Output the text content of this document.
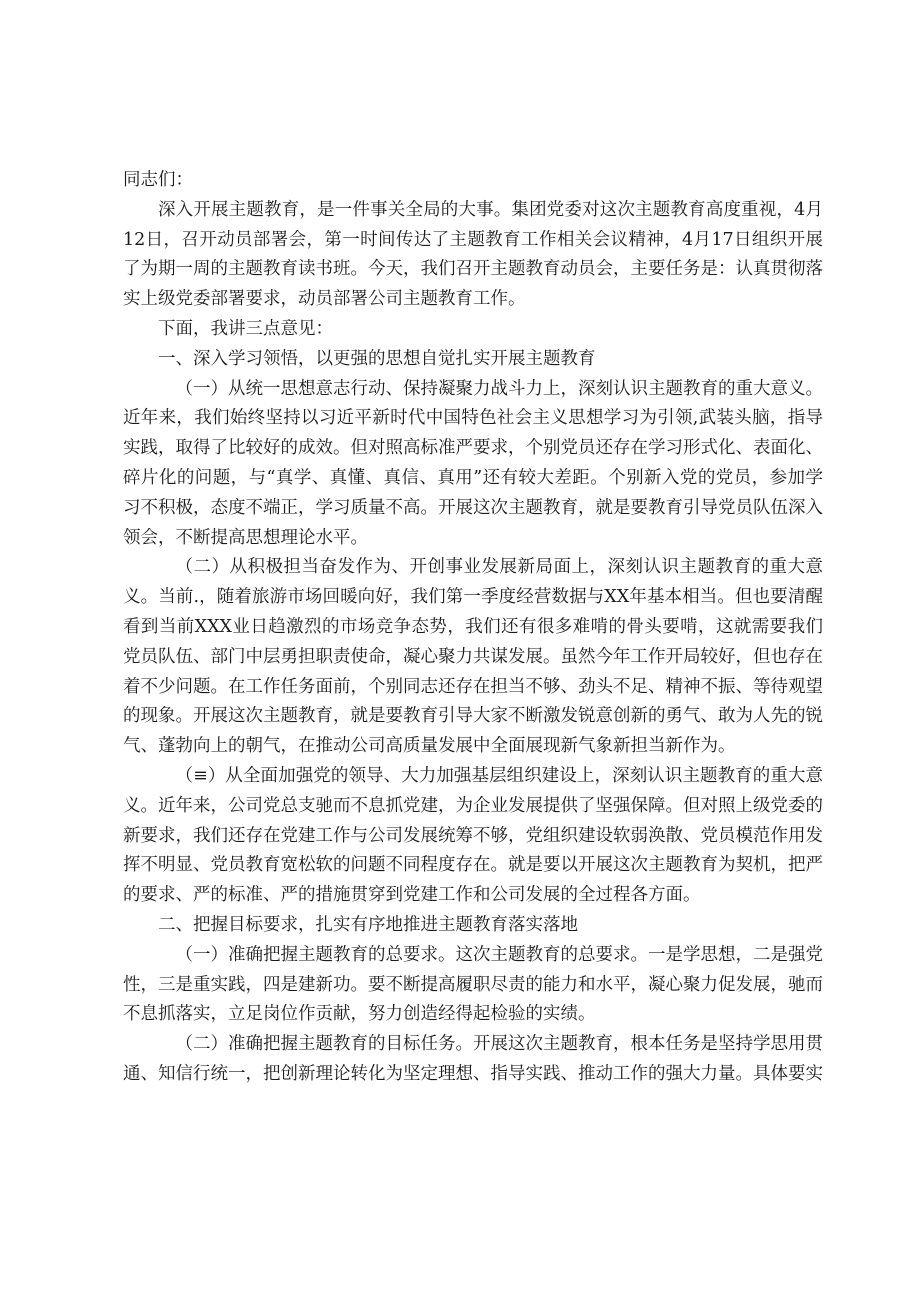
同志们：

深入开展主题教育，是一件事关全局的大事。集团党委对这次主题教育高度重视，4月12日，召开动员部署会，第一时间传达了主题教育工作相关会议精神，4月17日组织开展了为期一周的主题教育读书班。今天，我们召开主题教育动员会，主要任务是：认真贯彻落实上级党委部署要求，动员部署公司主题教育工作。

下面，我讲三点意见：

一、深入学习领悟，以更强的思想自觉扎实开展主题教育

（一）从统一思想意志行动、保持凝聚力战斗力上，深刻认识主题教育的重大意义。近年来，我们始终坚持以习近平新时代中国特色社会主义思想学习为引领,武装头脑，指导实践，取得了比较好的成效。但对照高标准严要求，个别党员还存在学习形式化、表面化、碎片化的问题，与“真学、真懂、真信、真用”还有较大差距。个别新入党的党员，参加学习不积极，态度不端正，学习质量不高。开展这次主题教育，就是要教育引导党员队伍深入领会，不断提高思想理论水平。

（二）从积极担当奋发作为、开创事业发展新局面上，深刻认识主题教育的重大意义。当前.，随着旅游市场回暖向好，我们第一季度经营数据与XX年基本相当。但也要清醒看到当前XXX业日趋激烈的市场竞争态势，我们还有很多难啃的骨头要啃，这就需要我们党员队伍、部门中层勇担职责使命，凝心聚力共谋发展。虽然今年工作开局较好，但也存在着不少问题。在工作任务面前，个别同志还存在担当不够、劲头不足、精神不振、等待观望的现象。开展这次主题教育，就是要教育引导大家不断激发锐意创新的勇气、敢为人先的锐气、蓬勃向上的朝气，在推动公司高质量发展中全面展现新气象新担当新作为。

（≡）从全面加强党的领导、大力加强基层组织建设上，深刻认识主题教育的重大意义。近年来，公司党总支驰而不息抓党建，为企业发展提供了坚强保障。但对照上级党委的新要求，我们还存在党建工作与公司发展统筹不够，党组织建设软弱涣散、党员模范作用发挥不明显、党员教育宽松软的问题不同程度存在。就是要以开展这次主题教育为契机，把严的要求、严的标准、严的措施贯穿到党建工作和公司发展的全过程各方面。

二、把握目标要求，扎实有序地推进主题教育落实落地

（一）准确把握主题教育的总要求。这次主题教育的总要求。一是学思想，二是强党性，三是重实践，四是建新功。要不断提高履职尽责的能力和水平，凝心聚力促发展，驰而不息抓落实，立足岗位作贡献，努力创造经得起检验的实绩。

（二）准确把握主题教育的目标任务。开展这次主题教育，根本任务是坚持学思用贯通、知信行统一，把创新理论转化为坚定理想、指导实践、推动工作的强大力量。具体要实
